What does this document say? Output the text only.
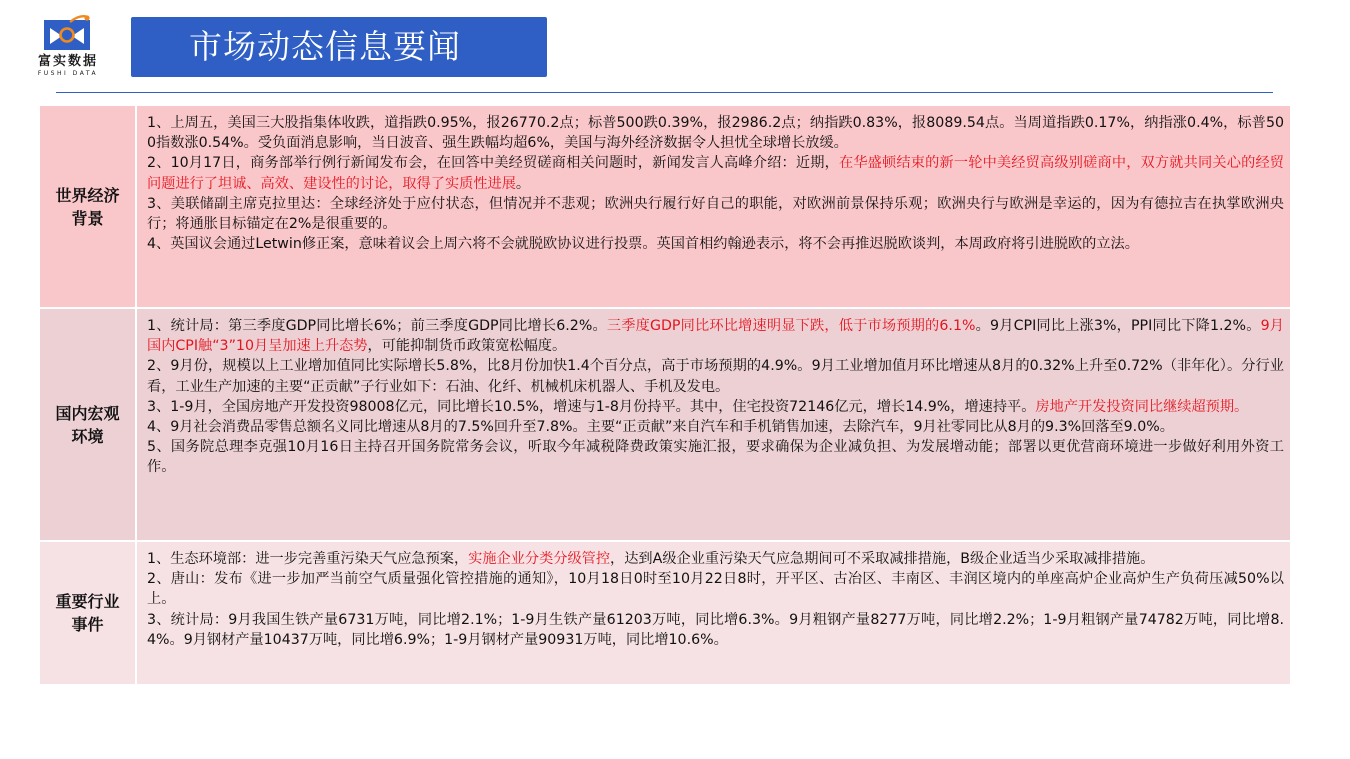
富实数据
FUSHI DATA
市场动态信息要闻
世界经济背景

1、上周五，美国三大股指集体收跌，道指跌0.95%，报26770.2点；标普500跌0.39%，报2986.2点；纳指跌0.83%，报8089.54点。当周道指跌0.17%，纳指涨0.4%，标普500指数涨0.54%。受负面消息影响，当日波音、强生跌幅均超6%，美国与海外经济数据令人担忧全球增长放缓。

2、10月17日，商务部举行例行新闻发布会，在回答中美经贸磋商相关问题时，新闻发言人高峰介绍：近期，在华盛顿结束的新一轮中美经贸高级别磋商中，双方就共同关心的经贸问题进行了坦诚、高效、建设性的讨论，取得了实质性进展。

3、美联储副主席克拉里达：全球经济处于应付状态，但情况并不悲观；欧洲央行履行好自己的职能，对欧洲前景保持乐观；欧洲央行与欧洲是幸运的，因为有德拉吉在执掌欧洲央行；将通胀目标锚定在2%是很重要的。

4、英国议会通过Letwin修正案，意味着议会上周六将不会就脱欧协议进行投票。英国首相约翰逊表示，将不会再推迟脱欧谈判，本周政府将引进脱欧的立法。

国内宏观环境

1、统计局：第三季度GDP同比增长6%；前三季度GDP同比增长6.2%。三季度GDP同比环比增速明显下跌，低于市场预期的6.1%。9月CPI同比上涨3%，PPI同比下降1.2%。9月国内CPI触“3”10月呈加速上升态势，可能抑制货币政策宽松幅度。

2、9月份，规模以上工业增加值同比实际增长5.8%，比8月份加快1.4个百分点，高于市场预期的4.9%。9月工业增加值月环比增速从8月的0.32%上升至0.72%（非年化）。分行业看，工业生产加速的主要“正贡献”子行业如下：石油、化纤、机械机床机器人、手机及发电。

3、1-9月，全国房地产开发投资98008亿元，同比增长10.5%，增速与1-8月份持平。其中，住宅投资72146亿元，增长14.9%，增速持平。房地产开发投资同比继续超预期。

4、9月社会消费品零售总额名义同比增速从8月的7.5%回升至7.8%。主要“正贡献”来自汽车和手机销售加速，去除汽车，9月社零同比从8月的9.3%回落至9.0%。

5、国务院总理李克强10月16日主持召开国务院常务会议，听取今年减税降费政策实施汇报，要求确保为企业减负担、为发展增动能；部署以更优营商环境进一步做好利用外资工作。

重要行业事件

1、生态环境部：进一步完善重污染天气应急预案，实施企业分类分级管控，达到A级企业重污染天气应急期间可不采取减排措施，B级企业适当少采取减排措施。

2、唐山：发布《进一步加严当前空气质量强化管控措施的通知》，10月18日0时至10月22日8时，开平区、古冶区、丰南区、丰润区境内的单座高炉企业高炉生产负荷压减50%以上。

3、统计局：9月我国生铁产量6731万吨，同比增2.1%；1-9月生铁产量61203万吨，同比增6.3%。9月粗钢产量8277万吨，同比增2.2%；1-9月粗钢产量74782万吨，同比增8.4%。9月钢材产量10437万吨，同比增6.9%；1-9月钢材产量90931万吨，同比增10.6%。
